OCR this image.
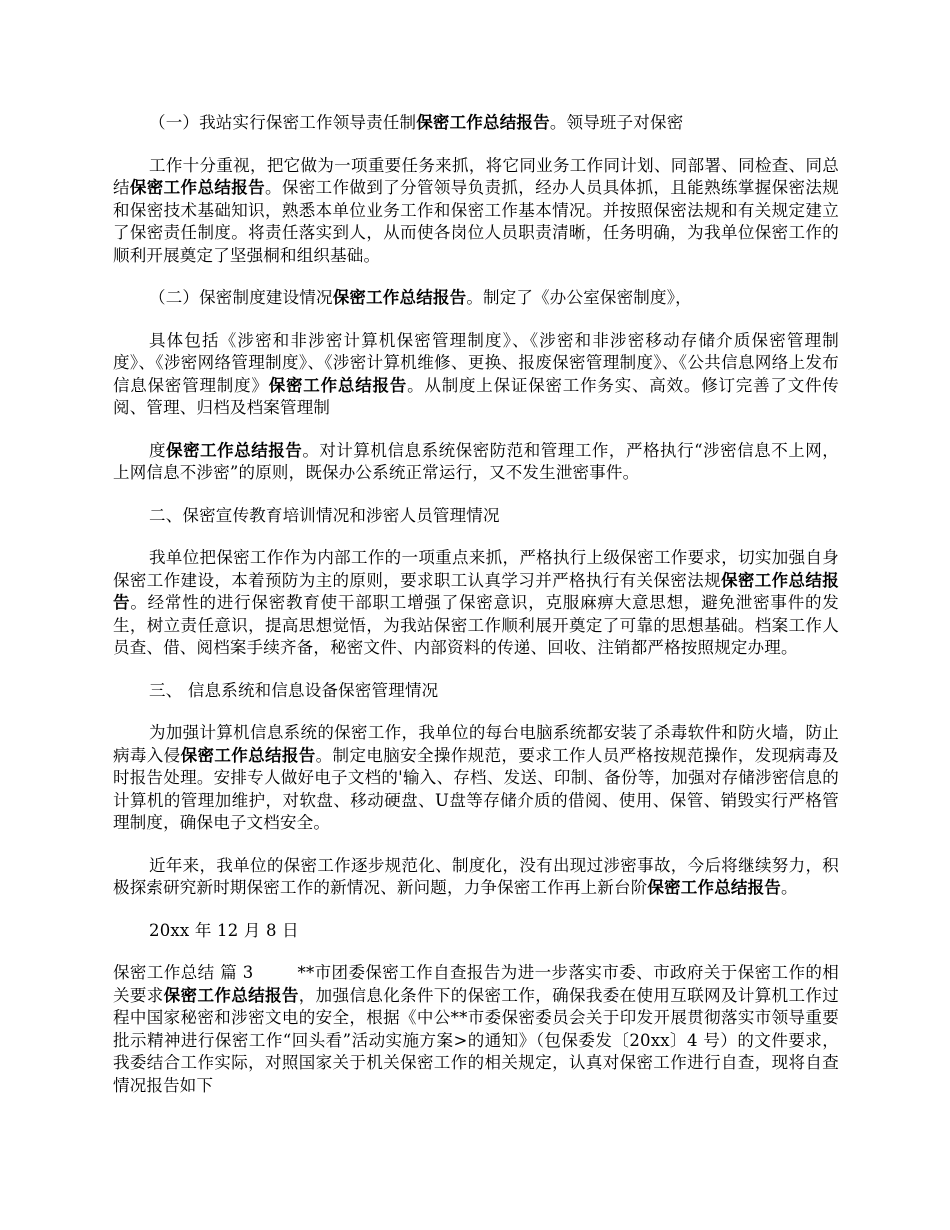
（一）我站实行保密工作领导责任制保密工作总结报告。领导班子对保密

工作十分重视，把它做为一项重要任务来抓，将它同业务工作同计划、同部署、同检查、同总结保密工作总结报告。保密工作做到了分管领导负责抓，经办人员具体抓，且能熟练掌握保密法规和保密技术基础知识，熟悉本单位业务工作和保密工作基本情况。并按照保密法规和有关规定建立了保密责任制度。将责任落实到人，从而使各岗位人员职责清晰，任务明确，为我单位保密工作的顺利开展奠定了坚强桐和组织基础。

（二）保密制度建设情况保密工作总结报告。制定了《办公室保密制度》，

具体包括《涉密和非涉密计算机保密管理制度》、《涉密和非涉密移动存储介质保密管理制度》、《涉密网络管理制度》、《涉密计算机维修、更换、报废保密管理制度》、《公共信息网络上发布信息保密管理制度》保密工作总结报告。从制度上保证保密工作务实、高效。修订完善了文件传阅、管理、归档及档案管理制

度保密工作总结报告。对计算机信息系统保密防范和管理工作，严格执行“涉密信息不上网，上网信息不涉密”的原则，既保办公系统正常运行，又不发生泄密事件。

二、保密宣传教育培训情况和涉密人员管理情况

我单位把保密工作作为内部工作的一项重点来抓，严格执行上级保密工作要求，切实加强自身保密工作建设，本着预防为主的原则，要求职工认真学习并严格执行有关保密法规保密工作总结报告。经常性的进行保密教育使干部职工增强了保密意识，克服麻痹大意思想，避免泄密事件的发生，树立责任意识，提高思想觉悟，为我站保密工作顺利展开奠定了可靠的思想基础。档案工作人员查、借、阅档案手续齐备，秘密文件、内部资料的传递、回收、注销都严格按照规定办理。

三、 信息系统和信息设备保密管理情况

为加强计算机信息系统的保密工作，我单位的每台电脑系统都安装了杀毒软件和防火墙，防止病毒入侵保密工作总结报告。制定电脑安全操作规范，要求工作人员严格按规范操作，发现病毒及时报告处理。安排专人做好电子文档的'输入、存档、发送、印制、备份等，加强对存储涉密信息的计算机的管理加维护，对软盘、移动硬盘、U盘等存储介质的借阅、使用、保管、销毁实行严格管理制度，确保电子文档安全。

近年来，我单位的保密工作逐步规范化、制度化，没有出现过涉密事故，今后将继续努力，积极探索研究新时期保密工作的新情况、新问题，力争保密工作再上新台阶保密工作总结报告。

20xx 年 12 月 8 日

保密工作总结 篇 3	**市团委保密工作自查报告为进一步落实市委、市政府关于保密工作的相关要求保密工作总结报告，加强信息化条件下的保密工作，确保我委在使用互联网及计算机工作过程中国家秘密和涉密文电的安全，根据《中公**市委保密委员会关于印发开展贯彻落实市领导重要批示精神进行保密工作“回头看”活动实施方案>的通知》（包保委发〔20xx〕4 号）的文件要求，我委结合工作实际，对照国家关于机关保密工作的相关规定，认真对保密工作进行自查，现将自查情况报告如下
